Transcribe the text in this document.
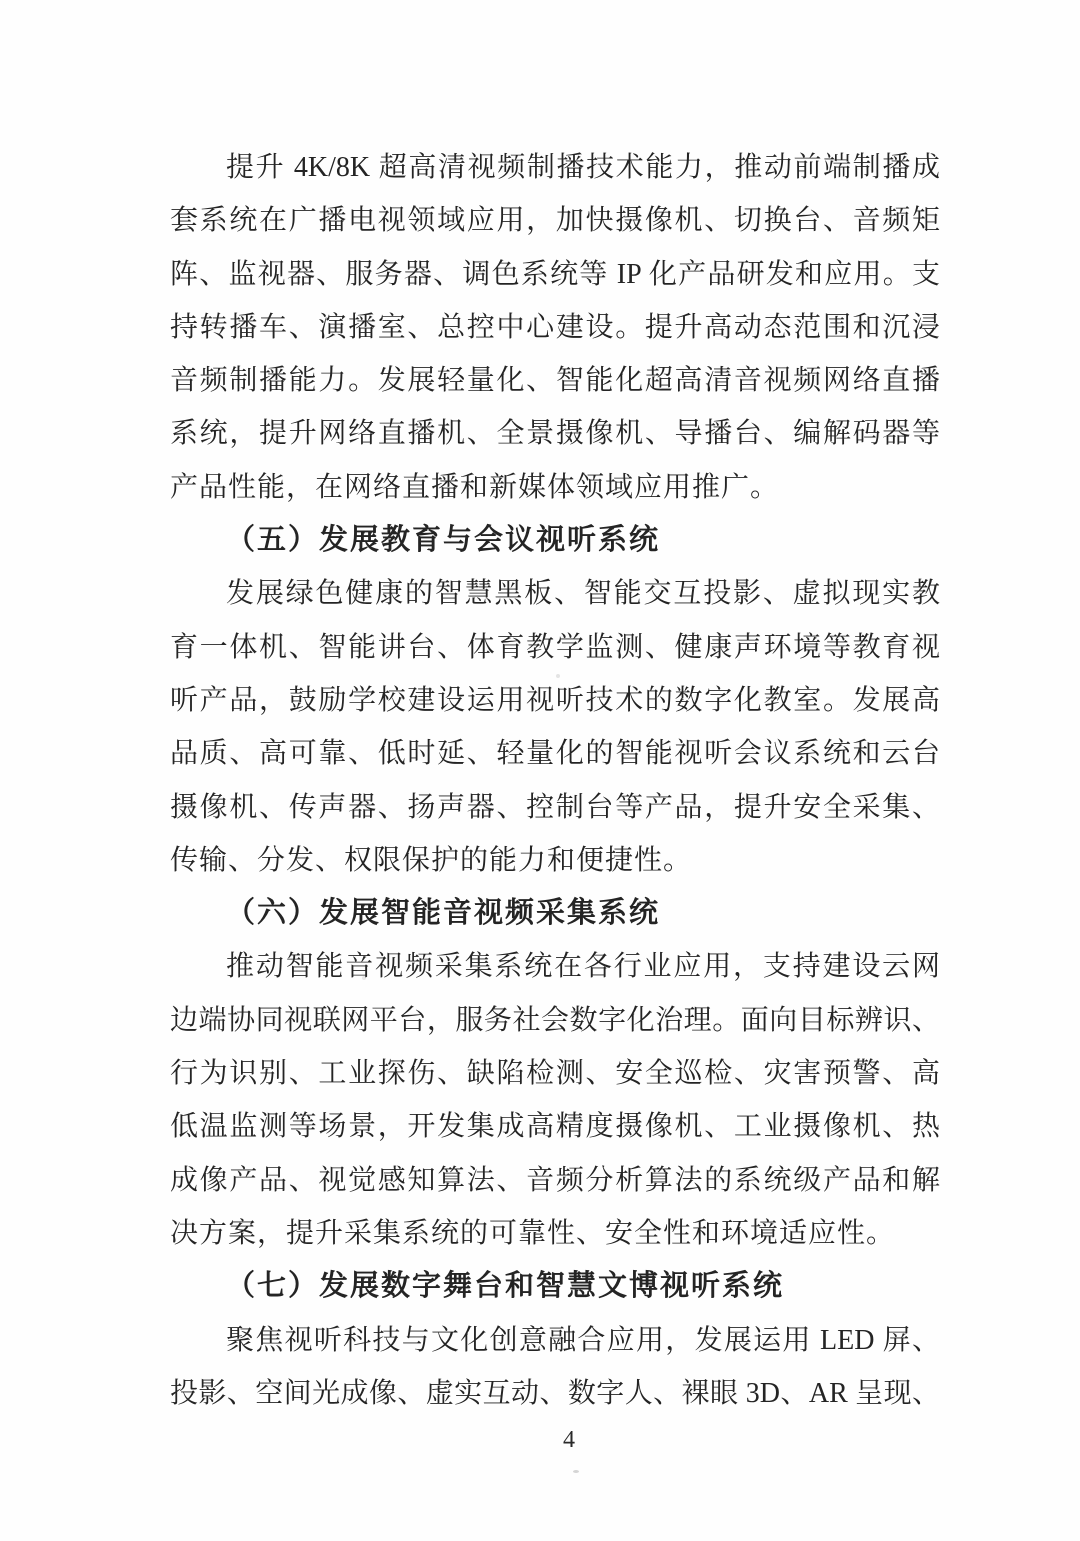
提升 4K/8K 超高清视频制播技术能力，推动前端制播成
套系统在广播电视领域应用，加快摄像机、切换台、音频矩
阵、监视器、服务器、调色系统等 IP 化产品研发和应用。支
持转播车、演播室、总控中心建设。提升高动态范围和沉浸
音频制播能力。发展轻量化、智能化超高清音视频网络直播
系统，提升网络直播机、全景摄像机、导播台、编解码器等
产品性能，在网络直播和新媒体领域应用推广。
（五）发展教育与会议视听系统
发展绿色健康的智慧黑板、智能交互投影、虚拟现实教
育一体机、智能讲台、体育教学监测、健康声环境等教育视
听产品，鼓励学校建设运用视听技术的数字化教室。发展高
品质、高可靠、低时延、轻量化的智能视听会议系统和云台
摄像机、传声器、扬声器、控制台等产品，提升安全采集、
传输、分发、权限保护的能力和便捷性。
（六）发展智能音视频采集系统
推动智能音视频采集系统在各行业应用，支持建设云网
边端协同视联网平台，服务社会数字化治理。面向目标辨识、
行为识别、工业探伤、缺陷检测、安全巡检、灾害预警、高
低温监测等场景，开发集成高精度摄像机、工业摄像机、热
成像产品、视觉感知算法、音频分析算法的系统级产品和解
决方案，提升采集系统的可靠性、安全性和环境适应性。
（七）发展数字舞台和智慧文博视听系统
聚焦视听科技与文化创意融合应用，发展运用 LED 屏、
投影、空间光成像、虚实互动、数字人、裸眼 3D、AR 呈现、
4
